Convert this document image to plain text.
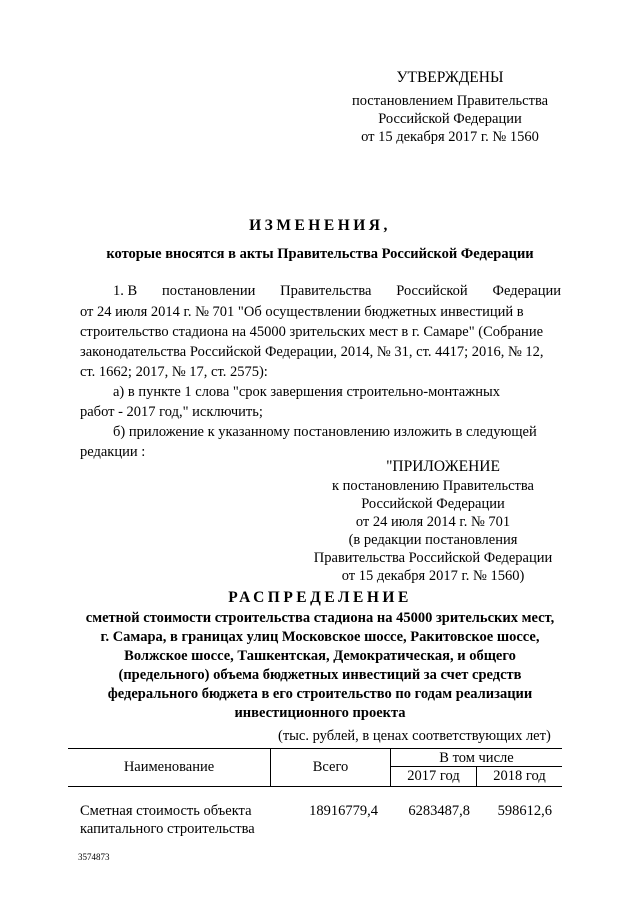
УТВЕРЖДЕНЫ
постановлением Правительства
Российской Федерации
от 15 декабря 2017 г. № 1560
ИЗМЕНЕНИЯ,
которые вносятся в акты Правительства Российской Федерации
1. В постановлении Правительства Российской Федерации
от 24 июля 2014 г. № 701 "Об осуществлении бюджетных инвестиций в
строительство стадиона на 45000 зрительских мест в г. Самаре" (Собрание
законодательства Российской Федерации, 2014, № 31, ст. 4417; 2016, № 12,
ст. 1662; 2017, № 17, ст. 2575):
а) в пункте 1 слова "срок завершения строительно-монтажных
работ - 2017 год," исключить;
б) приложение к указанному постановлению изложить в следующей
редакции :
"ПРИЛОЖЕНИЕ
к постановлению Правительства
Российской Федерации
от 24 июля 2014 г. № 701
(в редакции постановления
Правительства Российской Федерации
от 15 декабря 2017 г. № 1560)
РАСПРЕДЕЛЕНИЕ
сметной стоимости строительства стадиона на 45000 зрительских мест,
г. Самара, в границах улиц Московское шоссе, Ракитовское шоссе,
Волжское шоссе, Ташкентская, Демократическая, и общего
(предельного) объема бюджетных инвестиций за счет средств
федерального бюджета в его строительство по годам реализации
инвестиционного проекта
(тыс. рублей, в ценах соответствующих лет)
Наименование	Всего
В том числе
2017 год	2018 год
Сметная стоимость объекта
капитального строительства
18916779,4	6283487,8	598612,6
3574873
